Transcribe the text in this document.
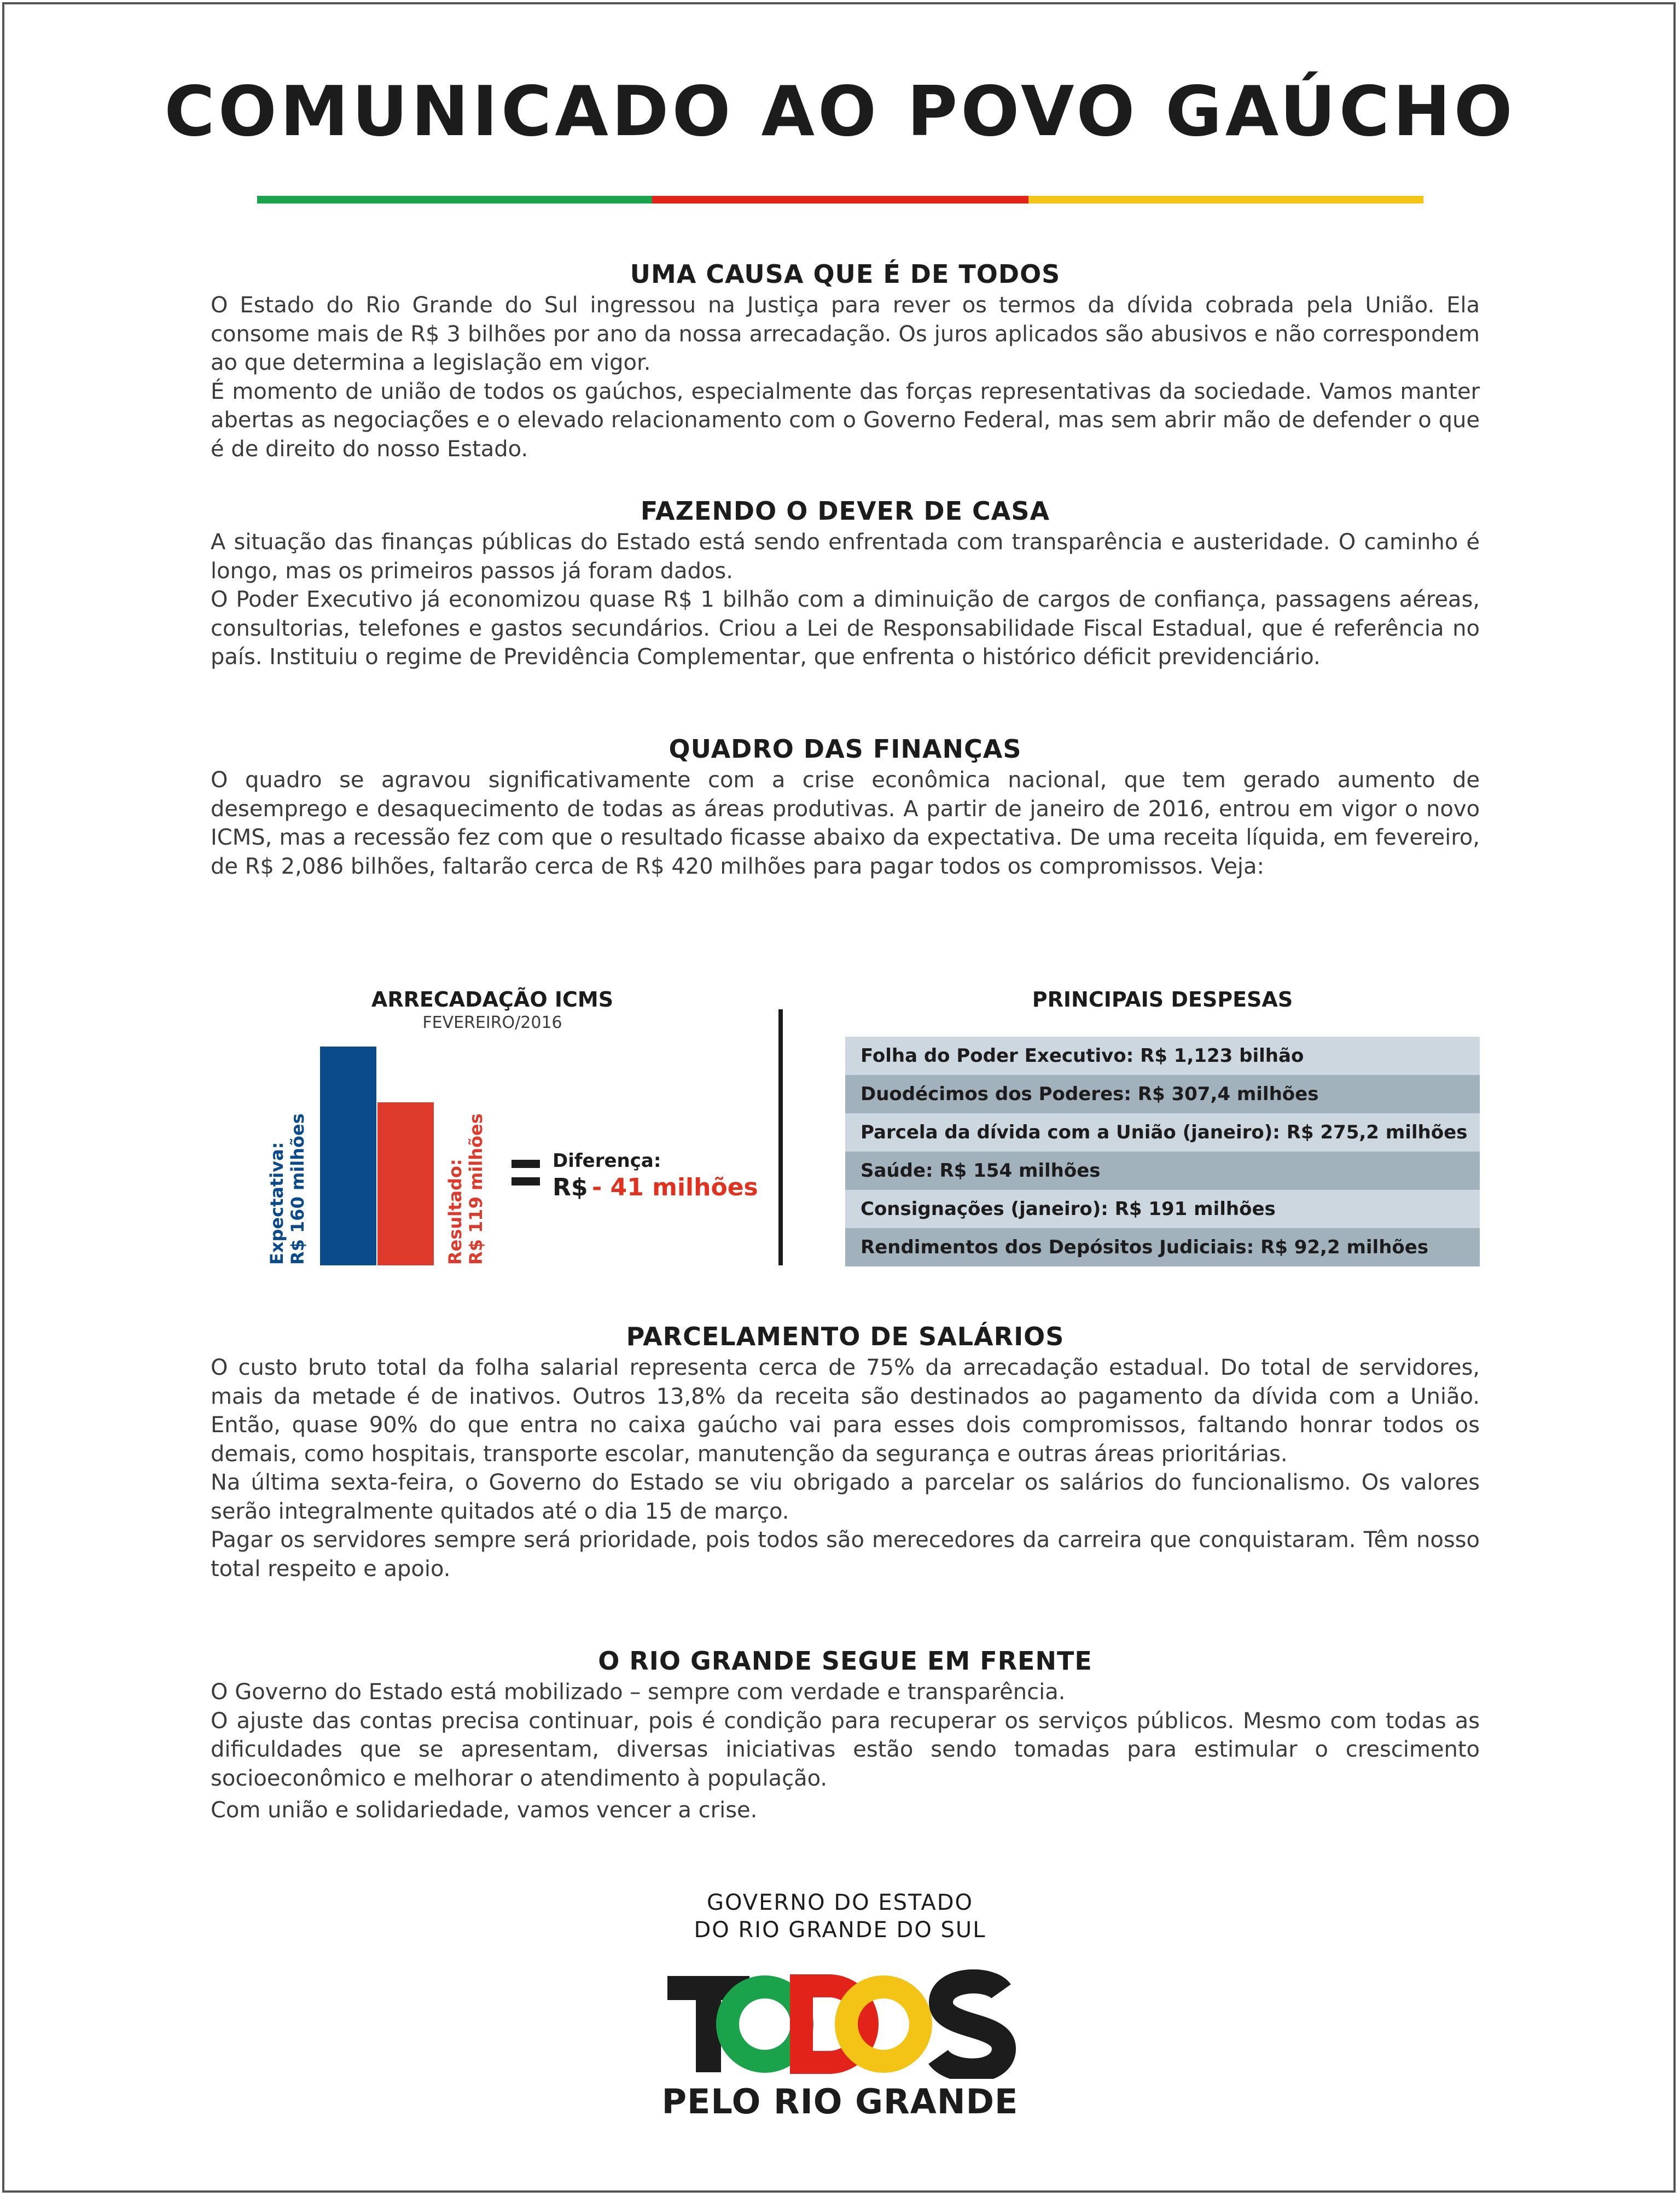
COMUNICADO AO POVO GAÚCHO
UMA CAUSA QUE É DE TODOS

O Estado do Rio Grande do Sul ingressou na Justiça para rever os termos da dívida cobrada pela União. Ela consome mais de R$ 3 bilhões por ano da nossa arrecadação. Os juros aplicados são abusivos e não correspondem ao que determina a legislação em vigor.

É momento de união de todos os gaúchos, especialmente das forças representativas da sociedade. Vamos manter abertas as negociações e o elevado relacionamento com o Governo Federal, mas sem abrir mão de defender o que é de direito do nosso Estado.

FAZENDO O DEVER DE CASA

A situação das finanças públicas do Estado está sendo enfrentada com transparência e austeridade. O caminho é longo, mas os primeiros passos já foram dados.

O Poder Executivo já economizou quase R$ 1 bilhão com a diminuição de cargos de confiança, passagens aéreas, consultorias, telefones e gastos secundários. Criou a Lei de Responsabilidade Fiscal Estadual, que é referência no país. Instituiu o regime de Previdência Complementar, que enfrenta o histórico déficit previdenciário.

QUADRO DAS FINANÇAS

O quadro se agravou significativamente com a crise econômica nacional, que tem gerado aumento de desemprego e desaquecimento de todas as áreas produtivas. A partir de janeiro de 2016, entrou em vigor o novo ICMS, mas a recessão fez com que o resultado ficasse abaixo da expectativa. De uma receita líquida, em fevereiro, de R$ 2,086 bilhões, faltarão cerca de R$ 420 milhões para pagar todos os compromissos. Veja:

ARRECADAÇÃO ICMS
FEVEREIRO/2016
Expectativa: R$ 160 milhões	Resultado: R$ 119 milhões	Diferença:
R$ - 41 milhões
PRINCIPAIS DESPESAS
Folha do Poder Executivo: R$ 1,123 bilhão
Duodécimos dos Poderes: R$ 307,4 milhões
Parcela da dívida com a União (janeiro): R$ 275,2 milhões
Saúde: R$ 154 milhões
Consignações (janeiro): R$ 191 milhões
Rendimentos dos Depósitos Judiciais: R$ 92,2 milhões
PARCELAMENTO DE SALÁRIOS

O custo bruto total da folha salarial representa cerca de 75% da arrecadação estadual. Do total de servidores, mais da metade é de inativos. Outros 13,8% da receita são destinados ao pagamento da dívida com a União. Então, quase 90% do que entra no caixa gaúcho vai para esses dois compromissos, faltando honrar todos os demais, como hospitais, transporte escolar, manutenção da segurança e outras áreas prioritárias.

Na última sexta-feira, o Governo do Estado se viu obrigado a parcelar os salários do funcionalismo. Os valores serão integralmente quitados até o dia 15 de março.

Pagar os servidores sempre será prioridade, pois todos são merecedores da carreira que conquistaram. Têm nosso total respeito e apoio.

O RIO GRANDE SEGUE EM FRENTE

O Governo do Estado está mobilizado – sempre com verdade e transparência.

O ajuste das contas precisa continuar, pois é condição para recuperar os serviços públicos. Mesmo com todas as dificuldades que se apresentam, diversas iniciativas estão sendo tomadas para estimular o crescimento socioeconômico e melhorar o atendimento à população.

Com união e solidariedade, vamos vencer a crise.

GOVERNO DO ESTADO
DO RIO GRANDE DO SUL
PELO RIO GRANDE
